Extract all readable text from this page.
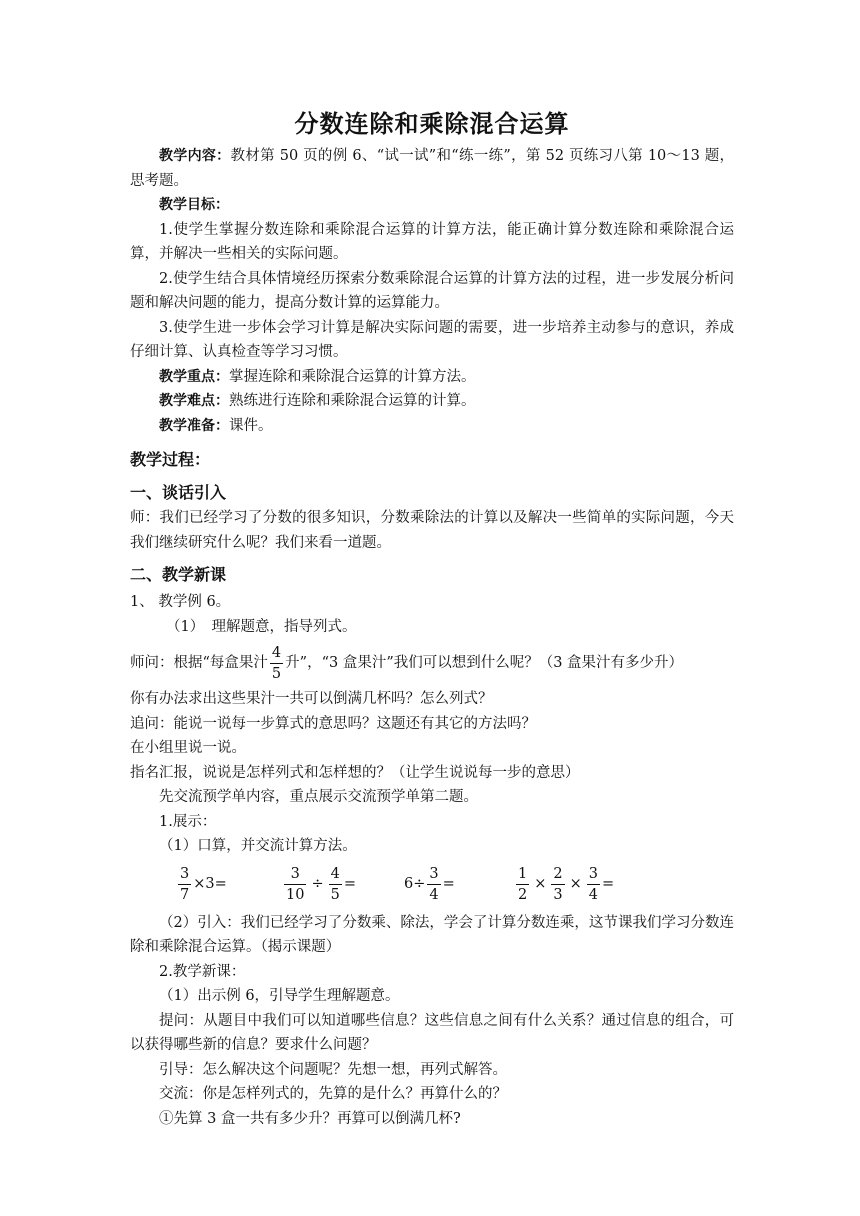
分数连除和乘除混合运算

教学内容：教材第 50 页的例 6、“试一试”和“练一练”，第 52 页练习八第 10～13 题，思考题。

教学目标：

1.使学生掌握分数连除和乘除混合运算的计算方法，能正确计算分数连除和乘除混合运算，并解决一些相关的实际问题。

2.使学生结合具体情境经历探索分数乘除混合运算的计算方法的过程，进一步发展分析问题和解决问题的能力，提高分数计算的运算能力。

3.使学生进一步体会学习计算是解决实际问题的需要，进一步培养主动参与的意识，养成仔细计算、认真检查等学习习惯。

教学重点：掌握连除和乘除混合运算的计算方法。

教学难点：熟练进行连除和乘除混合运算的计算。

教学准备：课件。

教学过程：
一、谈话引入

师：我们已经学习了分数的很多知识，分数乘除法的计算以及解决一些简单的实际问题，今天我们继续研究什么呢？我们来看一道题。

二、教学新课

1、 教学例 6。

（1）　理解题意，指导列式。

师问：根据“每盒果汁 $\frac{4}{5}$ 升”，“3 盒果汁”我们可以想到什么呢？（3 盒果汁有多少升）

你有办法求出这些果汁一共可以倒满几杯吗？怎么列式？

追问：能说一说每一步算式的意思吗？这题还有其它的方法吗？

在小组里说一说。

指名汇报，说说是怎样列式和怎样想的？（让学生说说每一步的意思）

先交流预学单内容，重点展示交流预学单第二题。

1.展示：

（1）口算，并交流计算方法。

$\frac{3}{7} \times 3=$	$\frac{3}{10} \div \frac{4}{5}$ =	$6\div \frac{3}{4}$ =	$\frac{1}{2} \times \frac{2}{3} \times \frac{3}{4}$ =

（2）引入：我们已经学习了分数乘、除法，学会了计算分数连乘，这节课我们学习分数连除和乘除混合运算。（揭示课题）

2.教学新课：

（1）出示例 6，引导学生理解题意。

提问：从题目中我们可以知道哪些信息？这些信息之间有什么关系？通过信息的组合，可以获得哪些新的信息？要求什么问题？

引导：怎么解决这个问题呢？先想一想，再列式解答。

交流：你是怎样列式的，先算的是什么？再算什么的？

①先算 3 盒一共有多少升？再算可以倒满几杯?
